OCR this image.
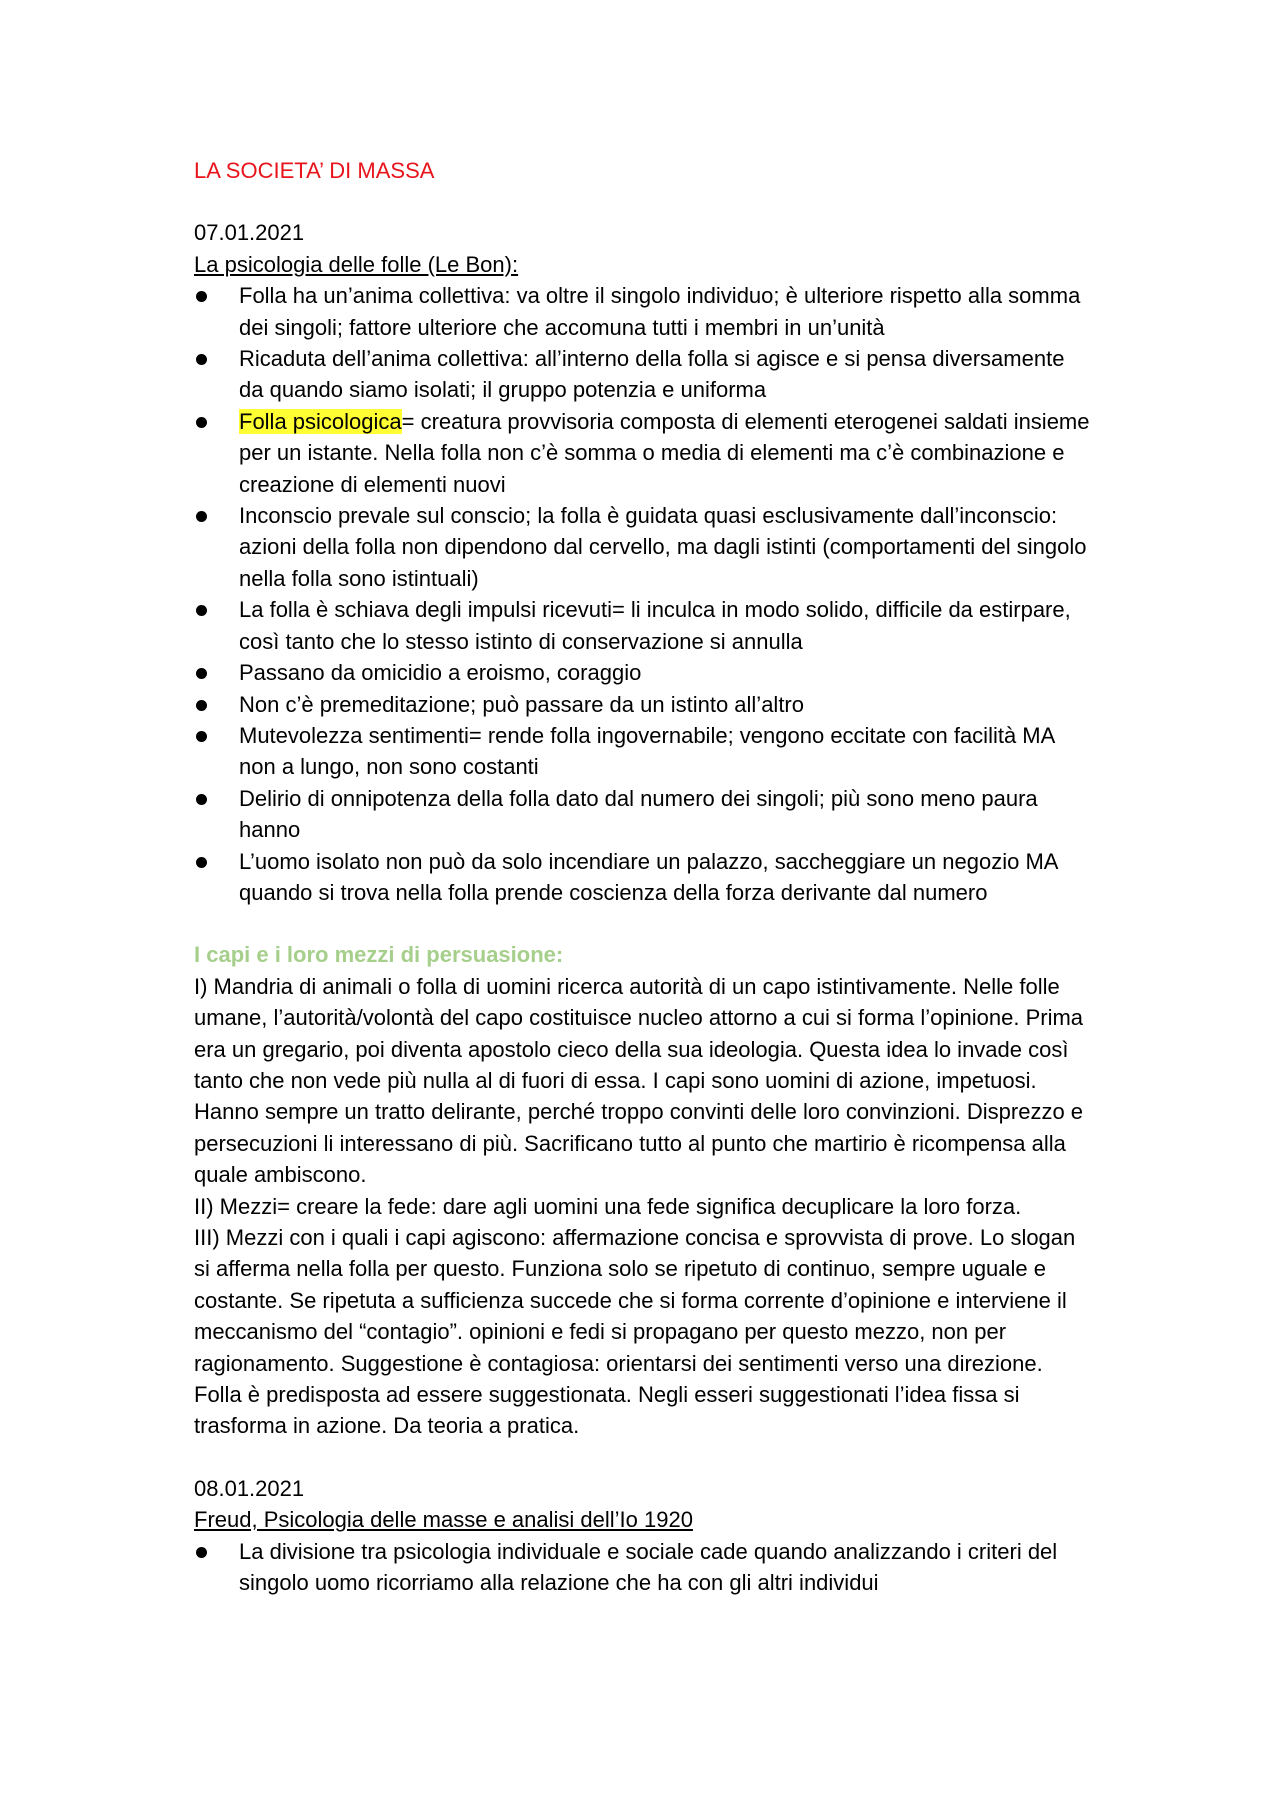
LA SOCIETA’ DI MASSA

07.01.2021

La psicologia delle folle (Le Bon):

Folla ha un’anima collettiva: va oltre il singolo individuo; è ulteriore rispetto alla somma dei singoli; fattore ulteriore che accomuna tutti i membri in un’unità
Ricaduta dell’anima collettiva: all’interno della folla si agisce e si pensa diversamente da quando siamo isolati; il gruppo potenzia e uniforma
Folla psicologica= creatura provvisoria composta di elementi eterogenei saldati insieme per un istante. Nella folla non c’è somma o media di elementi ma c’è combinazione e creazione di elementi nuovi
Inconscio prevale sul conscio; la folla è guidata quasi esclusivamente dall’inconscio: azioni della folla non dipendono dal cervello, ma dagli istinti (comportamenti del singolo nella folla sono istintuali)
La folla è schiava degli impulsi ricevuti= li inculca in modo solido, difficile da estirpare, così tanto che lo stesso istinto di conservazione si annulla
Passano da omicidio a eroismo, coraggio
Non c’è premeditazione; può passare da un istinto all’altro
Mutevolezza sentimenti= rende folla ingovernabile; vengono eccitate con facilità MA non a lungo, non sono costanti
Delirio di onnipotenza della folla dato dal numero dei singoli; più sono meno paura hanno
L’uomo isolato non può da solo incendiare un palazzo, saccheggiare un negozio MA quando si trova nella folla prende coscienza della forza derivante dal numero
I capi e i loro mezzi di persuasione:

I) Mandria di animali o folla di uomini ricerca autorità di un capo istintivamente. Nelle folle umane, l’autorità/volontà del capo costituisce nucleo attorno a cui si forma l’opinione. Prima era un gregario, poi diventa apostolo cieco della sua ideologia. Questa idea lo invade così tanto che non vede più nulla al di fuori di essa. I capi sono uomini di azione, impetuosi. Hanno sempre un tratto delirante, perché troppo convinti delle loro convinzioni. Disprezzo e persecuzioni li interessano di più. Sacrificano tutto al punto che martirio è ricompensa alla quale ambiscono.

II) Mezzi= creare la fede: dare agli uomini una fede significa decuplicare la loro forza.

III) Mezzi con i quali i capi agiscono: affermazione concisa e sprovvista di prove. Lo slogan si afferma nella folla per questo. Funziona solo se ripetuto di continuo, sempre uguale e costante. Se ripetuta a sufficienza succede che si forma corrente d’opinione e interviene il meccanismo del “contagio”. opinioni e fedi si propagano per questo mezzo, non per ragionamento. Suggestione è contagiosa: orientarsi dei sentimenti verso una direzione. Folla è predisposta ad essere suggestionata. Negli esseri suggestionati l’idea fissa si trasforma in azione. Da teoria a pratica.

08.01.2021

Freud, Psicologia delle masse e analisi dell’Io 1920

La divisione tra psicologia individuale e sociale cade quando analizzando i criteri del singolo uomo ricorriamo alla relazione che ha con gli altri individui
